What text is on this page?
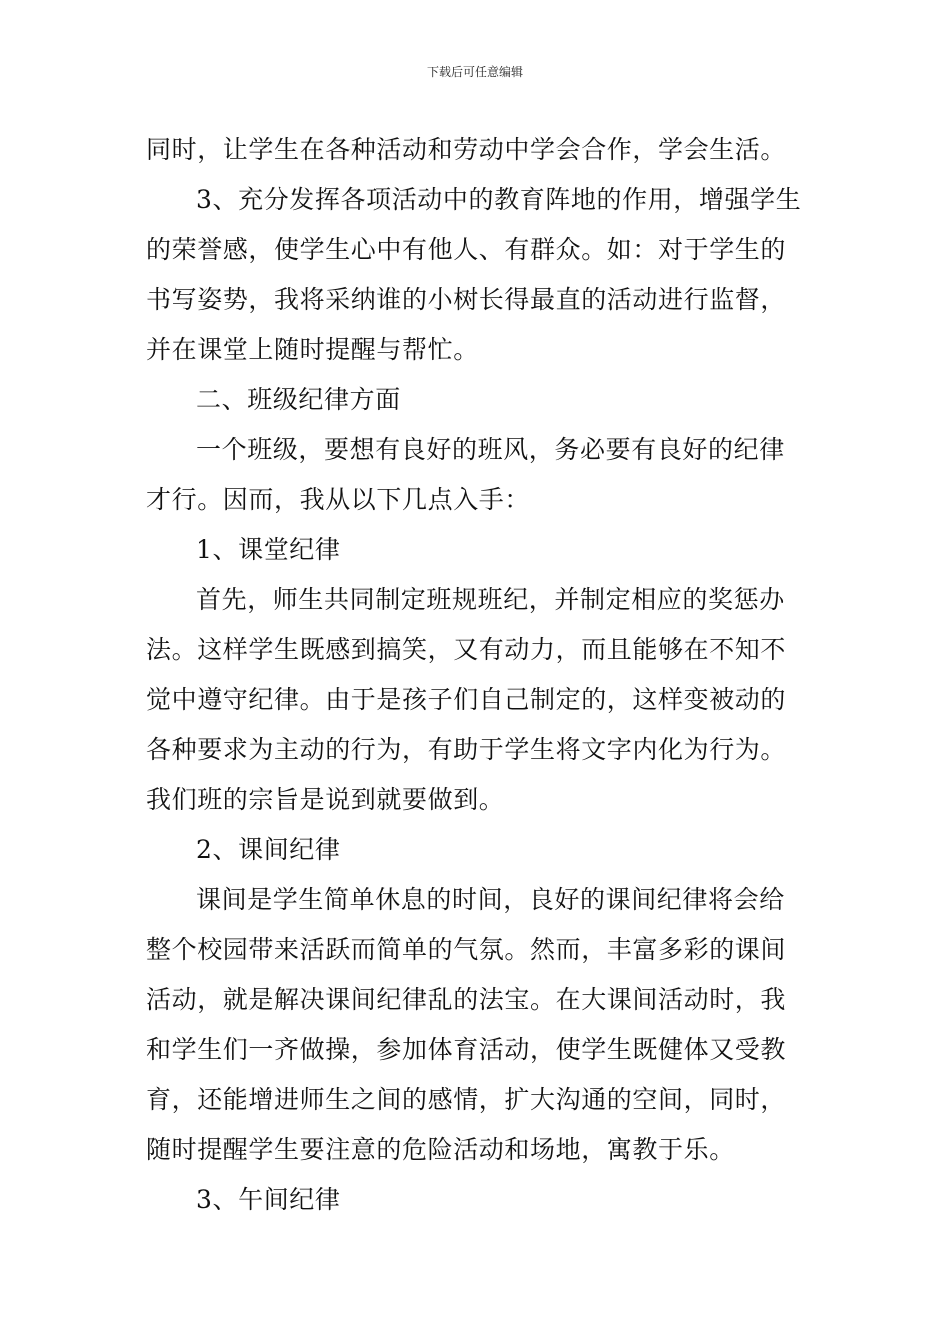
下载后可任意编辑
同时，让学生在各种活动和劳动中学会合作，学会生活。
3、充分发挥各项活动中的教育阵地的作用，增强学生
的荣誉感，使学生心中有他人、有群众。如：对于学生的
书写姿势，我将采纳谁的小树长得最直的活动进行监督，
并在课堂上随时提醒与帮忙。
二、班级纪律方面
一个班级，要想有良好的班风，务必要有良好的纪律
才行。因而，我从以下几点入手：
1、课堂纪律
首先，师生共同制定班规班纪，并制定相应的奖惩办
法。这样学生既感到搞笑，又有动力，而且能够在不知不
觉中遵守纪律。由于是孩子们自己制定的，这样变被动的
各种要求为主动的行为，有助于学生将文字内化为行为。
我们班的宗旨是说到就要做到。
2、课间纪律
课间是学生简单休息的时间，良好的课间纪律将会给
整个校园带来活跃而简单的气氛。然而，丰富多彩的课间
活动，就是解决课间纪律乱的法宝。在大课间活动时，我
和学生们一齐做操，参加体育活动，使学生既健体又受教
育，还能增进师生之间的感情，扩大沟通的空间，同时，
随时提醒学生要注意的危险活动和场地，寓教于乐。
3、午间纪律
